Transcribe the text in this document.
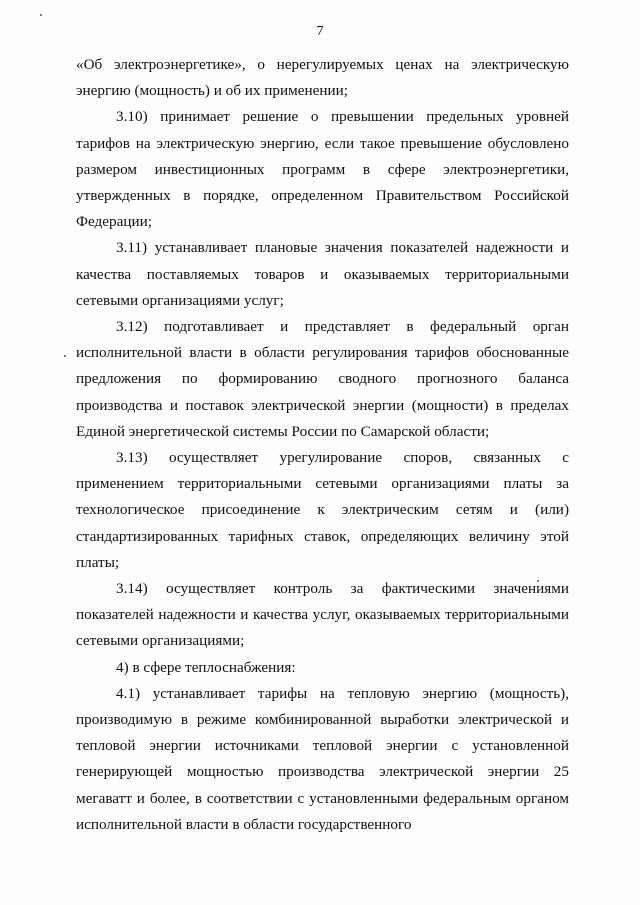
7

«Об электроэнергетике», о нерегулируемых ценах на электрическую энергию (мощность) и об их применении;

3.10) принимает решение о превышении предельных уровней тарифов на электрическую энергию, если такое превышение обусловлено размером инвестиционных программ в сфере электроэнергетики, утвержденных в порядке, определенном Правительством Российской Федерации;

3.11) устанавливает плановые значения показателей надежности и качества поставляемых товаров и оказываемых территориальными сетевыми организациями услуг;

3.12) подготавливает и представляет в федеральный орган исполнительной власти в области регулирования тарифов обоснованные предложения по формированию сводного прогнозного баланса производства и поставок электрической энергии (мощности) в пределах Единой энергетической системы России по Самарской области;

3.13) осуществляет урегулирование споров, связанных с применением территориальными сетевыми организациями платы за технологическое присоединение к электрическим сетям и (или) стандартизированных тарифных ставок, определяющих величину этой платы;

3.14) осуществляет контроль за фактическими значениями показателей надежности и качества услуг, оказываемых территориальными сетевыми организациями;

4) в сфере теплоснабжения:

4.1) устанавливает тарифы на тепловую энергию (мощность), производимую в режиме комбинированной выработки электрической и тепловой энергии источниками тепловой энергии с установленной генерирующей мощностью производства электрической энергии 25 мегаватт и более, в соответствии с установленными федеральным органом исполнительной власти в области государственного
